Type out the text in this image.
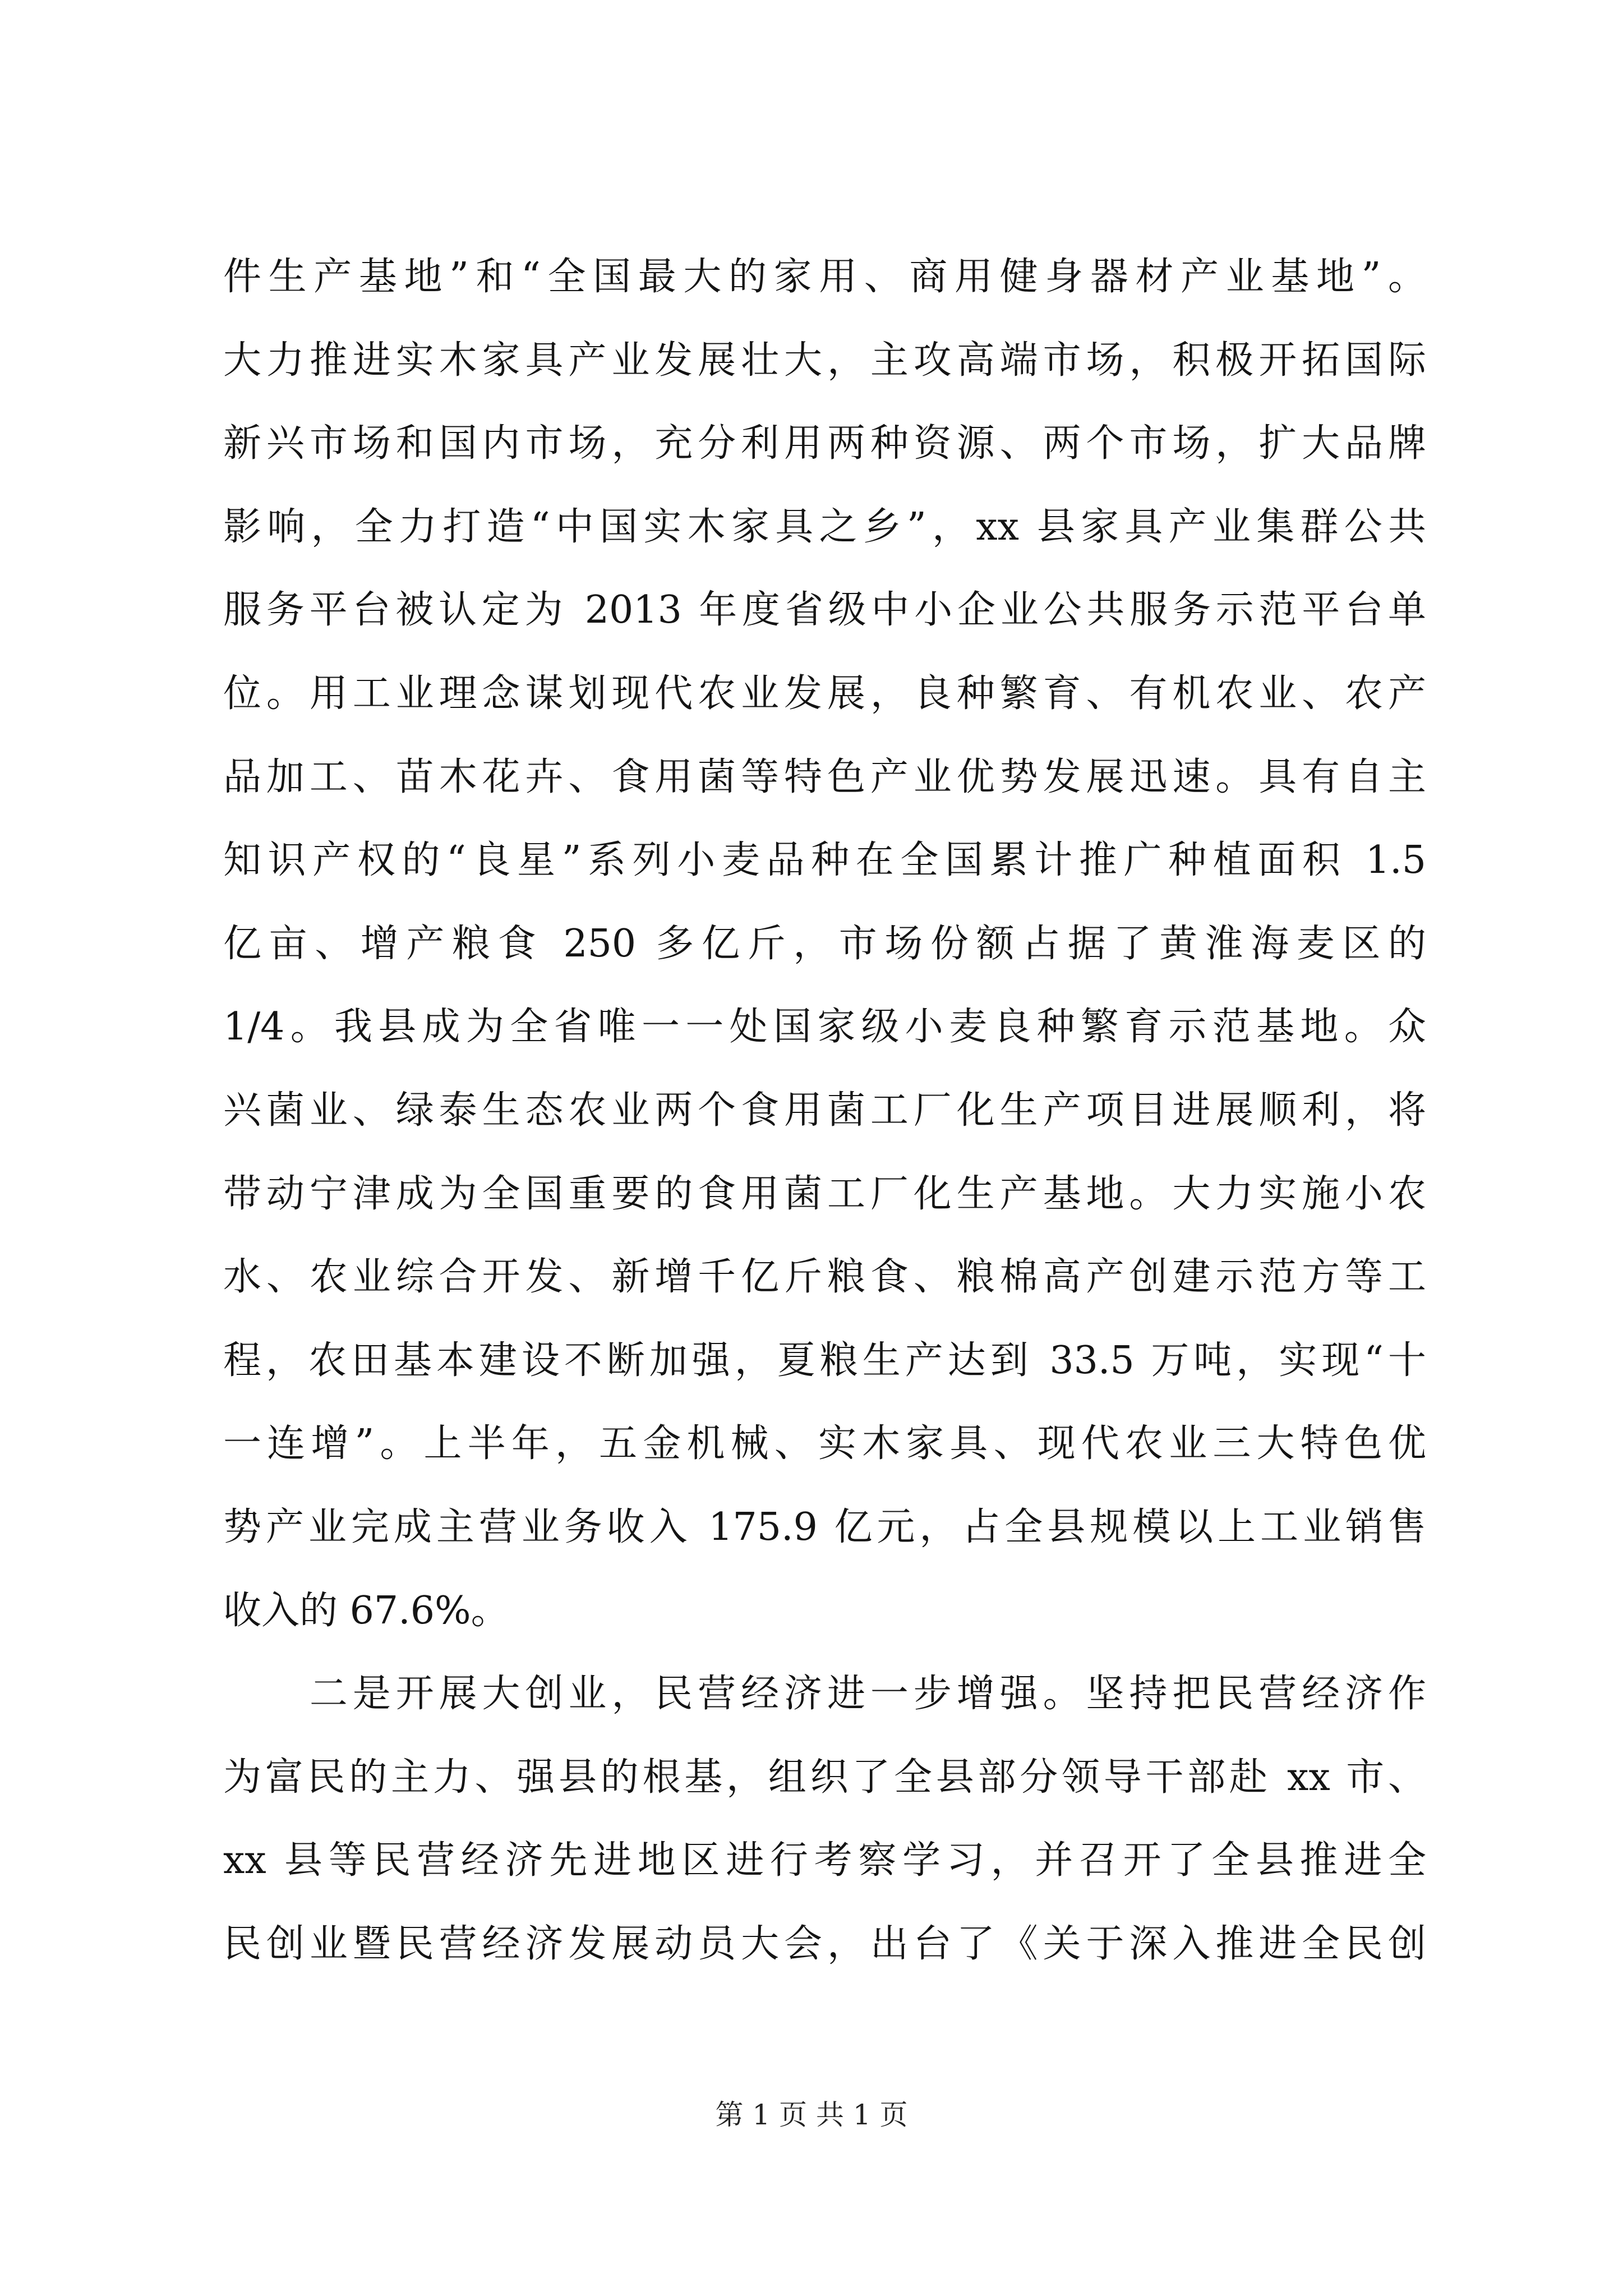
件生产基地”和“全国最大的家用、商用健身器材产业基地”。
大力推进实木家具产业发展壮大，主攻高端市场，积极开拓国际
新兴市场和国内市场，充分利用两种资源、两个市场，扩大品牌
影响，全力打造“中国实木家具之乡”，xx 县家具产业集群公共
服务平台被认定为 2013 年度省级中小企业公共服务示范平台单
位。用工业理念谋划现代农业发展，良种繁育、有机农业、农产
品加工、苗木花卉、食用菌等特色产业优势发展迅速。具有自主
知识产权的“良星”系列小麦品种在全国累计推广种植面积 1.5
亿亩、增产粮食 250 多亿斤，市场份额占据了黄淮海麦区的
1/4。我县成为全省唯一一处国家级小麦良种繁育示范基地。众
兴菌业、绿泰生态农业两个食用菌工厂化生产项目进展顺利，将
带动宁津成为全国重要的食用菌工厂化生产基地。大力实施小农
水、农业综合开发、新增千亿斤粮食、粮棉高产创建示范方等工
程，农田基本建设不断加强，夏粮生产达到 33.5 万吨，实现“十
一连增”。上半年，五金机械、实木家具、现代农业三大特色优
势产业完成主营业务收入 175.9 亿元，占全县规模以上工业销售
收入的 67.6%。
　　二是开展大创业，民营经济进一步增强。坚持把民营经济作
为富民的主力、强县的根基，组织了全县部分领导干部赴 xx 市、
xx 县等民营经济先进地区进行考察学习，并召开了全县推进全
民创业暨民营经济发展动员大会，出台了《关于深入推进全民创
第 1 页 共 1 页
